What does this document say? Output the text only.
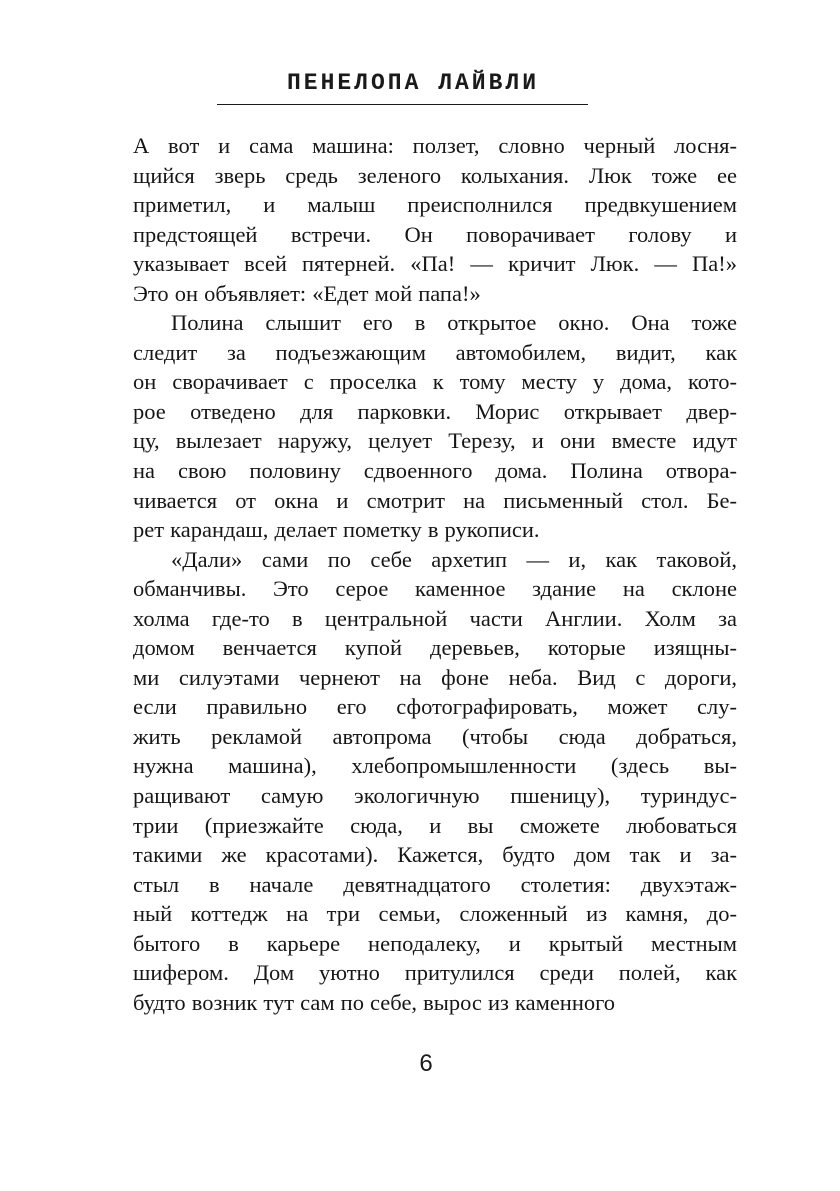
ПЕНЕЛОПА ЛАЙВЛИ

А вот и сама машина: ползет, словно черный лосня-
щийся зверь средь зеленого колыхания. Люк тоже ее
приметил, и малыш преисполнился предвкушением
предстоящей встречи. Он поворачивает голову и
указывает всей пятерней. «Па! — кричит Люк. — Па!»
Это он объявляет: «Едет мой папа!»

Полина слышит его в открытое окно. Она тоже
следит за подъезжающим автомобилем, видит, как
он сворачивает с проселка к тому месту у дома, кото-
рое отведено для парковки. Морис открывает двер-
цу, вылезает наружу, целует Терезу, и они вместе идут
на свою половину сдвоенного дома. Полина отвора-
чивается от окна и смотрит на письменный стол. Бе-
рет карандаш, делает пометку в рукописи.

«Дали» сами по себе архетип — и, как таковой,
обманчивы. Это серое каменное здание на склоне
холма где-то в центральной части Англии. Холм за
домом венчается купой деревьев, которые изящны-
ми силуэтами чернеют на фоне неба. Вид с дороги,
если правильно его сфотографировать, может слу-
жить рекламой автопрома (чтобы сюда добраться,
нужна машина), хлебопромышленности (здесь вы-
ращивают самую экологичную пшеницу), туриндус-
трии (приезжайте сюда, и вы сможете любоваться
такими же красотами). Кажется, будто дом так и за-
стыл в начале девятнадцатого столетия: двухэтаж-
ный коттедж на три семьи, сложенный из камня, до-
бытого в карьере неподалеку, и крытый местным
шифером. Дом уютно притулился среди полей, как
будто возник тут сам по себе, вырос из каменного

6
